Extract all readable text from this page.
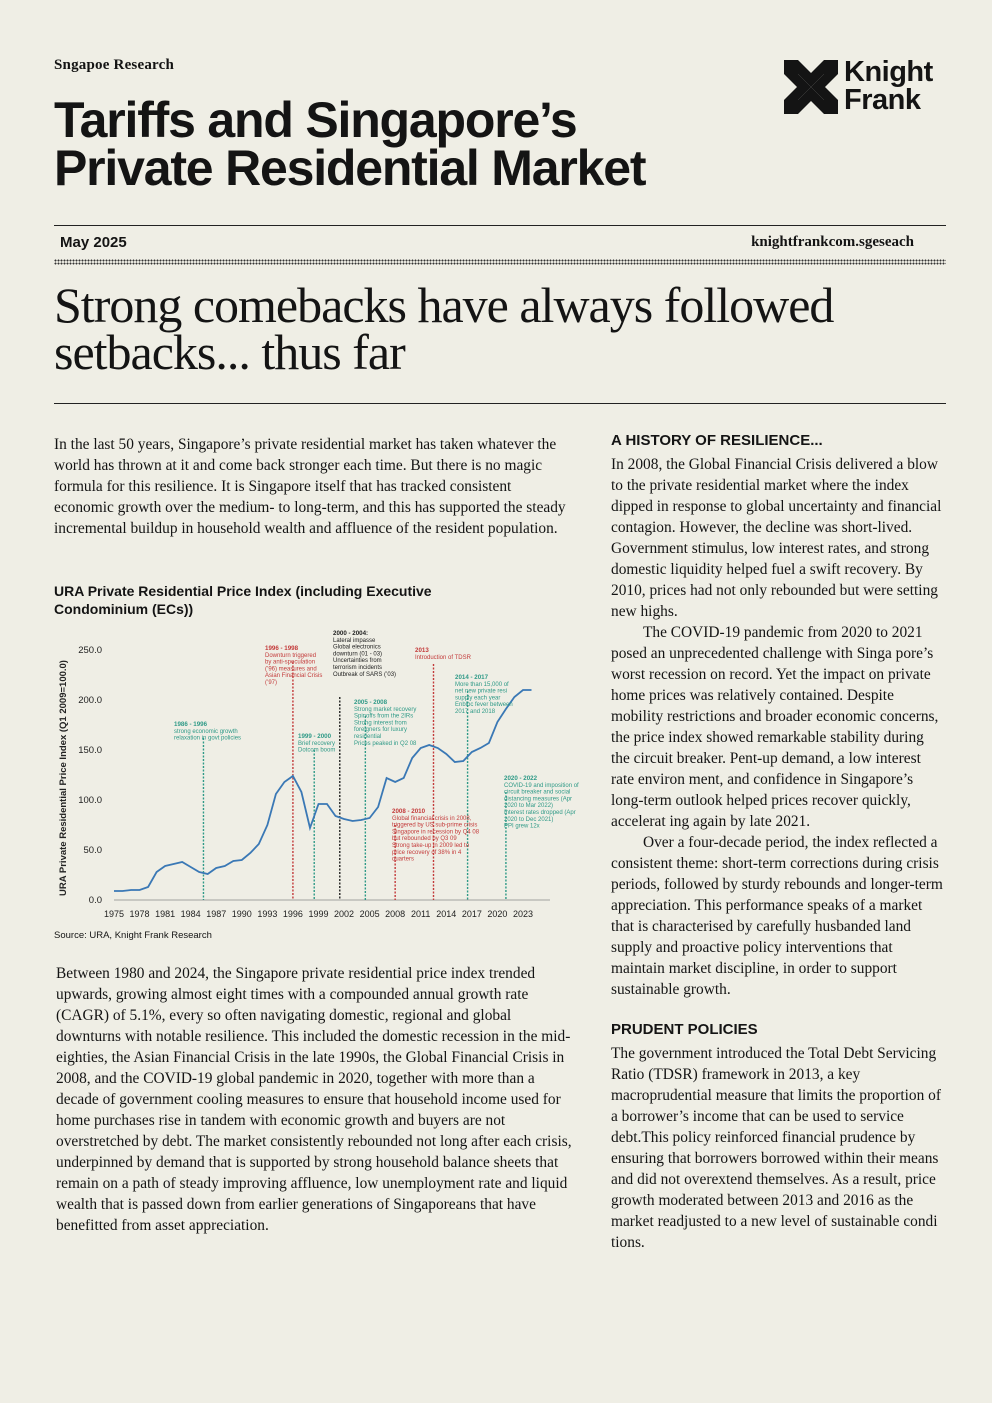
Sngapoe Research	Knight
Frank
Tariffs and Singapore’s
Private Residential Market
May 2025	knightfrankcom.sgeseach
Strong comebacks have always followed
setbacks... thus far

In the last 50 years, Singapore’s private residential market has taken whatever the world has thrown at it and come back stronger each time. But there is no magic formula for this resilience. It is Singapore itself that has tracked consistent economic growth over the medium- to long-term, and this has supported the steady incremental buildup in household wealth and affluence of the resident population.

URA Private Residential Price Index (including Executive Condominium (ECs))
URA Private Residential Price Index (Q1 2009=100.0)
0.0
50.0
100.0
150.0
200.0
250.0
1975 1978 1981 1984 1987 1990 1993 1996 1999 2002 2005 2008 2011 2014 2017 2020 2023
1986 - 1996
strong economic growth
relaxation in govt policies
1996 - 1998
Downturn triggered
by anti-speculation
(’96) measures and
Asian Financial Crisis
(’97)
1999 - 2000
Brief recovery
Dotcom boom
2000 - 2004:
Lateral impasse
Global electronics
downturn (01 - 03)
Uncertainties from
terrorism incidents
Outbreak of SARS (’03)
2005 - 2008
Strong market recovery
Spinoffs from the 2IRs
Strong interest from
foreigners for luxury
residential
Prices peaked in Q2 08
2008 - 2010
Global financial crisis in 2008,
triggered by US sub-prime crisis
Singapore in recession by Q4 08
but rebounded by Q3 09
Strong take-up in 2009 led to
price recovery of 38% in 4
quarters
2013
Introduction of TDSR
2014 - 2017
More than 15,000 of
net new private resi
supply each year
Enbloc fever between
2017 and 2018
2020 - 2022
COVID-19 and imposition of
circuit breaker and social
distancing measures (Apr
2020 to Mar 2022)
Interest rates dropped (Apr
2020 to Dec 2021)
PPI grew 12x
Source: URA, Knight Frank Research

Between 1980 and 2024, the Singapore private residential price index trended upwards, growing almost eight times with a compounded annual growth rate (CAGR) of 5.1%, every so often navigating domestic, regional and global downturns with notable resilience. This included the domestic recession in the mid-eighties, the Asian Financial Crisis in the late 1990s, the Global Financial Crisis in 2008, and the COVID-19 global pandemic in 2020, together with more than a decade of government cooling measures to ensure that household income used for home purchases rise in tandem with economic growth and buyers are not overstretched by debt. The market consistently rebounded not long after each crisis, underpinned by demand that is supported by strong household balance sheets that remain on a path of steady improving affluence, low unemployment rate and liquid wealth that is passed down from earlier generations of Singaporeans that have benefitted from asset appreciation.

A HISTORY OF RESILIENCE...

In 2008, the Global Financial Crisis delivered a blow to the private residential market where the index dipped in response to global uncertainty and financial contagion. However, the decline was short-lived. Government stimulus, low interest rates, and strong domestic liquidity helped fuel a swift recovery. By 2010, prices had not only rebounded but were setting new highs.

The COVID-19 pandemic from 2020 to 2021 posed an unprecedented challenge with Singa pore’s worst recession on record. Yet the impact on private home prices was relatively contained. Despite mobility restrictions and broader economic concerns, the price index showed remarkable stability during the circuit breaker. Pent-up demand, a low interest rate environ ment, and confidence in Singapore’s long-term outlook helped prices recover quickly, accelerat ing again by late 2021.

Over a four-decade period, the index reflected a consistent theme: short-term corrections during crisis periods, followed by sturdy rebounds and longer-term appreciation. This performance speaks of a market that is characterised by carefully husbanded land supply and proactive policy interventions that maintain market discipline, in order to support sustainable growth.

PRUDENT POLICIES

The government introduced the Total Debt Servicing Ratio (TDSR) framework in 2013, a key macroprudential measure that limits the proportion of a borrower’s income that can be used to service debt.This policy reinforced financial prudence by ensuring that borrowers borrowed within their means and did not overextend themselves. As a result, price growth moderated between 2013 and 2016 as the market readjusted to a new level of sustainable condi tions.
